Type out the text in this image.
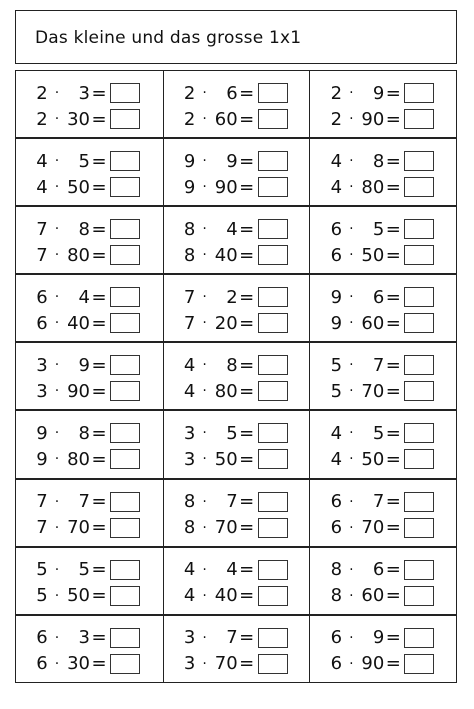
Das kleine und das grosse 1x1
2 ·	3 =
2 · 30 =
2 ·	6 =
2 · 60 =
2 ·	9 =
2 · 90 =
4 ·	5 =
4 · 50 =
9 ·	9 =
9 · 90 =
4 ·	8 =
4 · 80 =
7 ·	8 =
7 · 80 =
8 ·	4 =
8 · 40 =
6 ·	5 =
6 · 50 =
6 ·	4 =
6 · 40 =
7 ·	2 =
7 · 20 =
9 ·	6 =
9 · 60 =
3 ·	9 =
3 · 90 =
4 ·	8 =
4 · 80 =
5 ·	7 =
5 · 70 =
9 ·	8 =
9 · 80 =
3 ·	5 =
3 · 50 =
4 ·	5 =
4 · 50 =
7 ·	7 =
7 · 70 =
8 ·	7 =
8 · 70 =
6 ·	7 =
6 · 70 =
5 ·	5 =
5 · 50 =
4 ·	4 =
4 · 40 =
8 ·	6 =
8 · 60 =
6 ·	3 =
6 · 30 =
3 ·	7 =
3 · 70 =
6 ·	9 =
6 · 90 =
